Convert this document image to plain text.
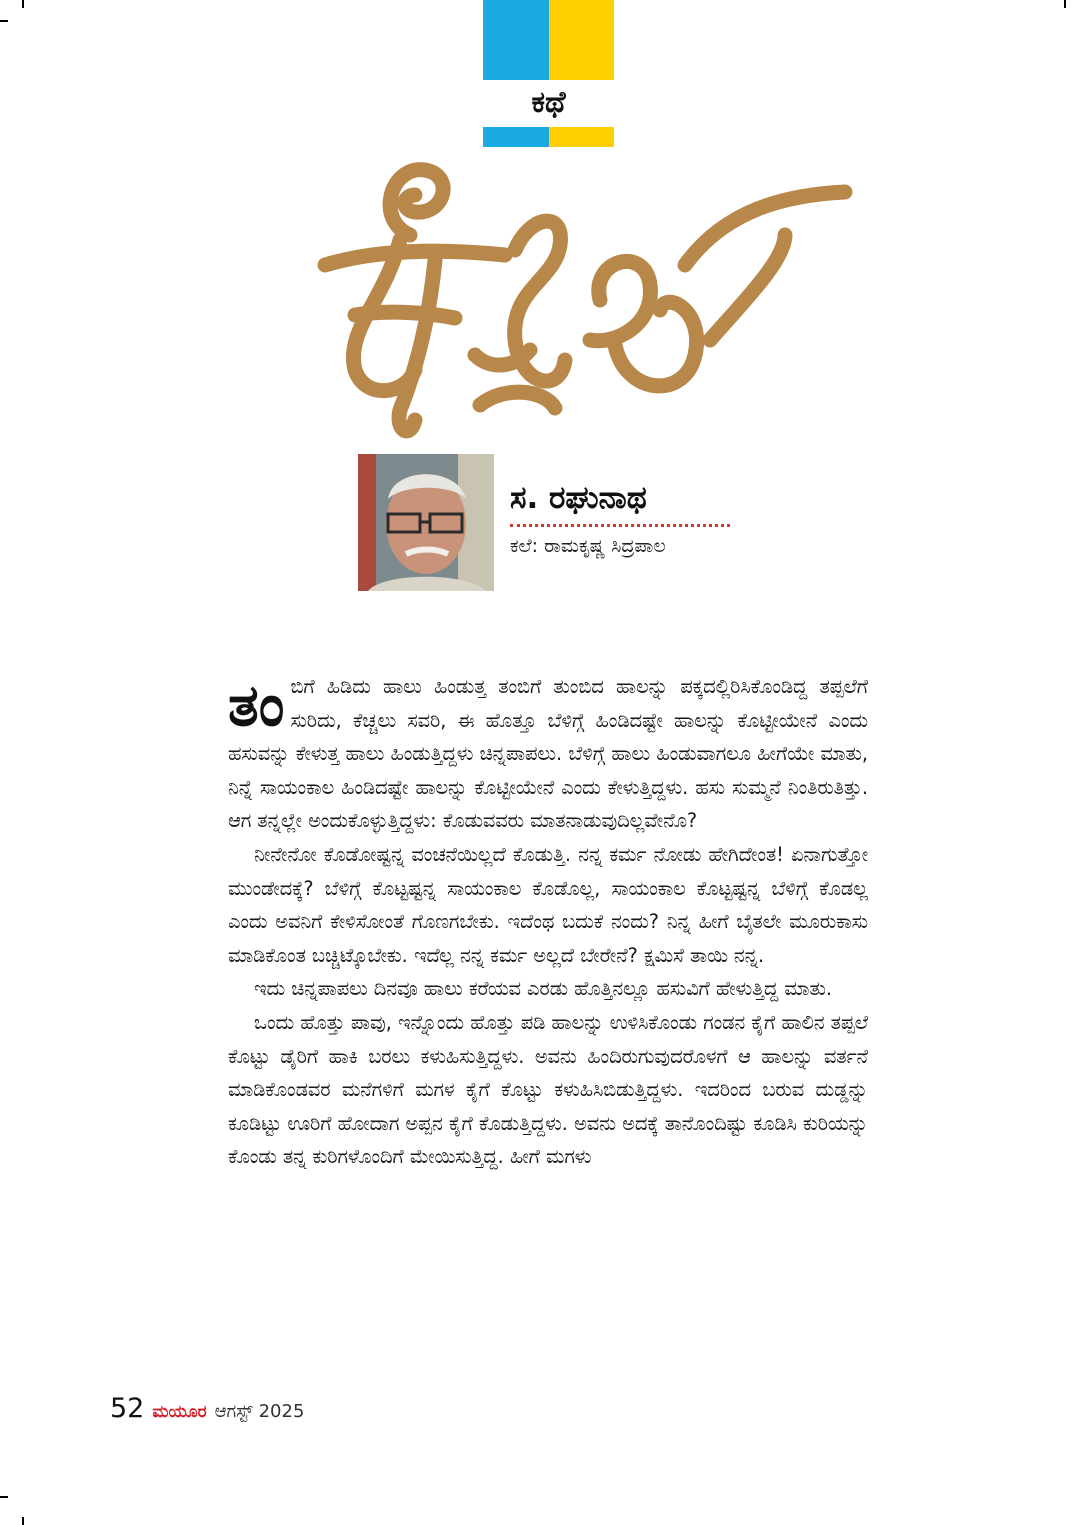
ಕಥೆ
ಸ. ರಘುನಾಥ
ಕಲೆ: ರಾಮಕೃಷ್ಣ ಸಿದ್ರಪಾಲ

ತಂಬಿಗೆ ಹಿಡಿದು ಹಾಲು ಹಿಂಡುತ್ತ ತಂಬಿಗೆ ತುಂಬಿದ ಹಾಲನ್ನು ಪಕ್ಕದಲ್ಲಿರಿಸಿಕೊಂಡಿದ್ದ ತಪ್ಪಲೆಗೆ ಸುರಿದು, ಕೆಚ್ಚಲು ಸವರಿ, ಈ ಹೊತ್ತೂ ಬೆಳಿಗ್ಗೆ ಹಿಂಡಿದಷ್ಟೇ ಹಾಲನ್ನು ಕೊಟ್ಟೀಯೇನೆ ಎಂದು ಹಸುವನ್ನು ಕೇಳುತ್ತ ಹಾಲು ಹಿಂಡುತ್ತಿದ್ದಳು ಚಿನ್ನಪಾಪಲು. ಬೆಳಿಗ್ಗೆ ಹಾಲು ಹಿಂಡುವಾಗಲೂ ಹೀಗೆಯೇ ಮಾತು, ನಿನ್ನೆ ಸಾಯಂಕಾಲ ಹಿಂಡಿದಷ್ಟೇ ಹಾಲನ್ನು ಕೊಟ್ಟೀಯೇನೆ ಎಂದು ಕೇಳುತ್ತಿದ್ದಳು. ಹಸು ಸುಮ್ಮನೆ ನಿಂತಿರುತಿತ್ತು. ಆಗ ತನ್ನಲ್ಲೇ ಅಂದುಕೊಳ್ಳುತ್ತಿದ್ದಳು: ಕೊಡುವವರು ಮಾತನಾಡುವುದಿಲ್ಲವೇನೊ?

ನೀನೇನೋ ಕೊಡೋಷ್ಟನ್ನ ವಂಚನೆಯಿಲ್ಲದೆ ಕೊಡುತ್ತಿ. ನನ್ನ ಕರ್ಮ ನೋಡು ಹೇಗಿದೇಂತ! ಏನಾಗುತ್ತೋ ಮುಂಡೇದಕ್ಕೆ? ಬೆಳಿಗ್ಗೆ ಕೊಟ್ಟಷ್ಟನ್ನ ಸಾಯಂಕಾಲ ಕೊಡೊಲ್ಲ, ಸಾಯಂಕಾಲ ಕೊಟ್ಟಷ್ಟನ್ನ ಬೆಳಿಗ್ಗೆ ಕೊಡಲ್ಲ ಎಂದು ಅವನಿಗೆ ಕೇಳಿಸೋಂತೆ ಗೊಣಗಬೇಕು. ಇದೆಂಥ ಬದುಕೆ ನಂದು? ನಿನ್ನ ಹೀಗೆ ಬೈತಲೇ ಮೂರುಕಾಸು ಮಾಡಿಕೊಂತ ಬಚ್ಚಿಟ್ಕೊಬೇಕು. ಇದೆಲ್ಲ ನನ್ನ ಕರ್ಮ ಅಲ್ಲದೆ ಬೇರೇನೆ? ಕ್ಷಮಿಸೆ ತಾಯಿ ನನ್ನ.

ಇದು ಚಿನ್ನಪಾಪಲು ದಿನವೂ ಹಾಲು ಕರೆಯವ ಎರಡು ಹೊತ್ತಿನಲ್ಲೂ ಹಸುವಿಗೆ ಹೇಳುತ್ತಿದ್ದ ಮಾತು.

ಒಂದು ಹೊತ್ತು ಪಾವು, ಇನ್ನೊಂದು ಹೊತ್ತು ಪಡಿ ಹಾಲನ್ನು ಉಳಿಸಿಕೊಂಡು ಗಂಡನ ಕೈಗೆ ಹಾಲಿನ ತಪ್ಪಲೆ ಕೊಟ್ಟು ಡೈರಿಗೆ ಹಾಕಿ ಬರಲು ಕಳುಹಿಸುತ್ತಿದ್ದಳು. ಅವನು ಹಿಂದಿರುಗುವುದರೊಳಗೆ ಆ ಹಾಲನ್ನು ವರ್ತನೆ ಮಾಡಿಕೊಂಡವರ ಮನೆಗಳಿಗೆ ಮಗಳ ಕೈಗೆ ಕೊಟ್ಟು ಕಳುಹಿಸಿಬಿಡುತ್ತಿದ್ದಳು. ಇದರಿಂದ ಬರುವ ದುಡ್ಡನ್ನು ಕೂಡಿಟ್ಟು ಊರಿಗೆ ಹೋದಾಗ ಅಪ್ಪನ ಕೈಗೆ ಕೊಡುತ್ತಿದ್ದಳು. ಅವನು ಅದಕ್ಕೆ ತಾನೊಂದಿಷ್ಟು ಕೂಡಿಸಿ ಕುರಿಯನ್ನು ಕೊಂಡು ತನ್ನ ಕುರಿಗಳೊಂದಿಗೆ ಮೇಯಿಸುತ್ತಿದ್ದ. ಹೀಗೆ ಮಗಳು

52 ಮಯೂರ ಆಗಸ್ಟ್ 2025
